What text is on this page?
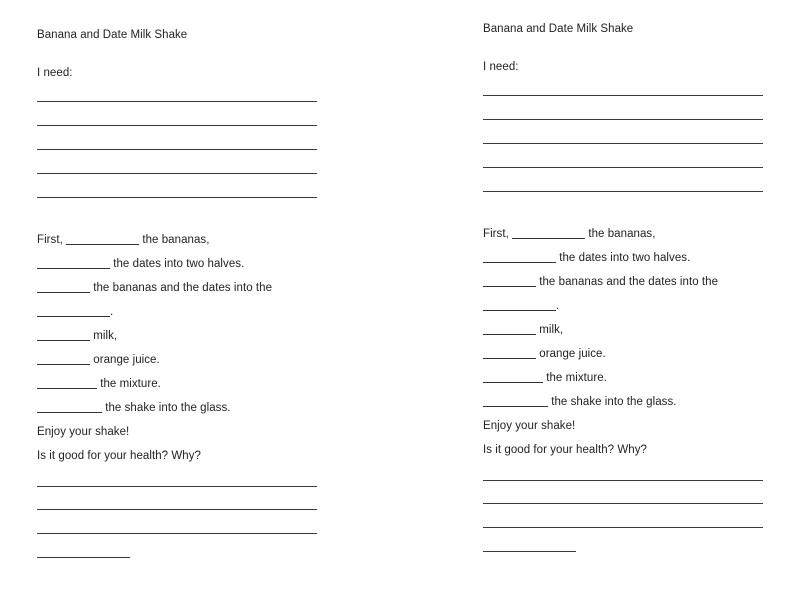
Banana and Date Milk Shake
I need:
First,	the bananas,
the dates into two halves.
the bananas and the dates into the
.
milk,
orange juice.
the mixture.
the shake into the glass.
Enjoy your shake!
Is it good for your health? Why?
Banana and Date Milk Shake
I need:
First,	the bananas,
the dates into two halves.
the bananas and the dates into the
.
milk,
orange juice.
the mixture.
the shake into the glass.
Enjoy your shake!
Is it good for your health? Why?
